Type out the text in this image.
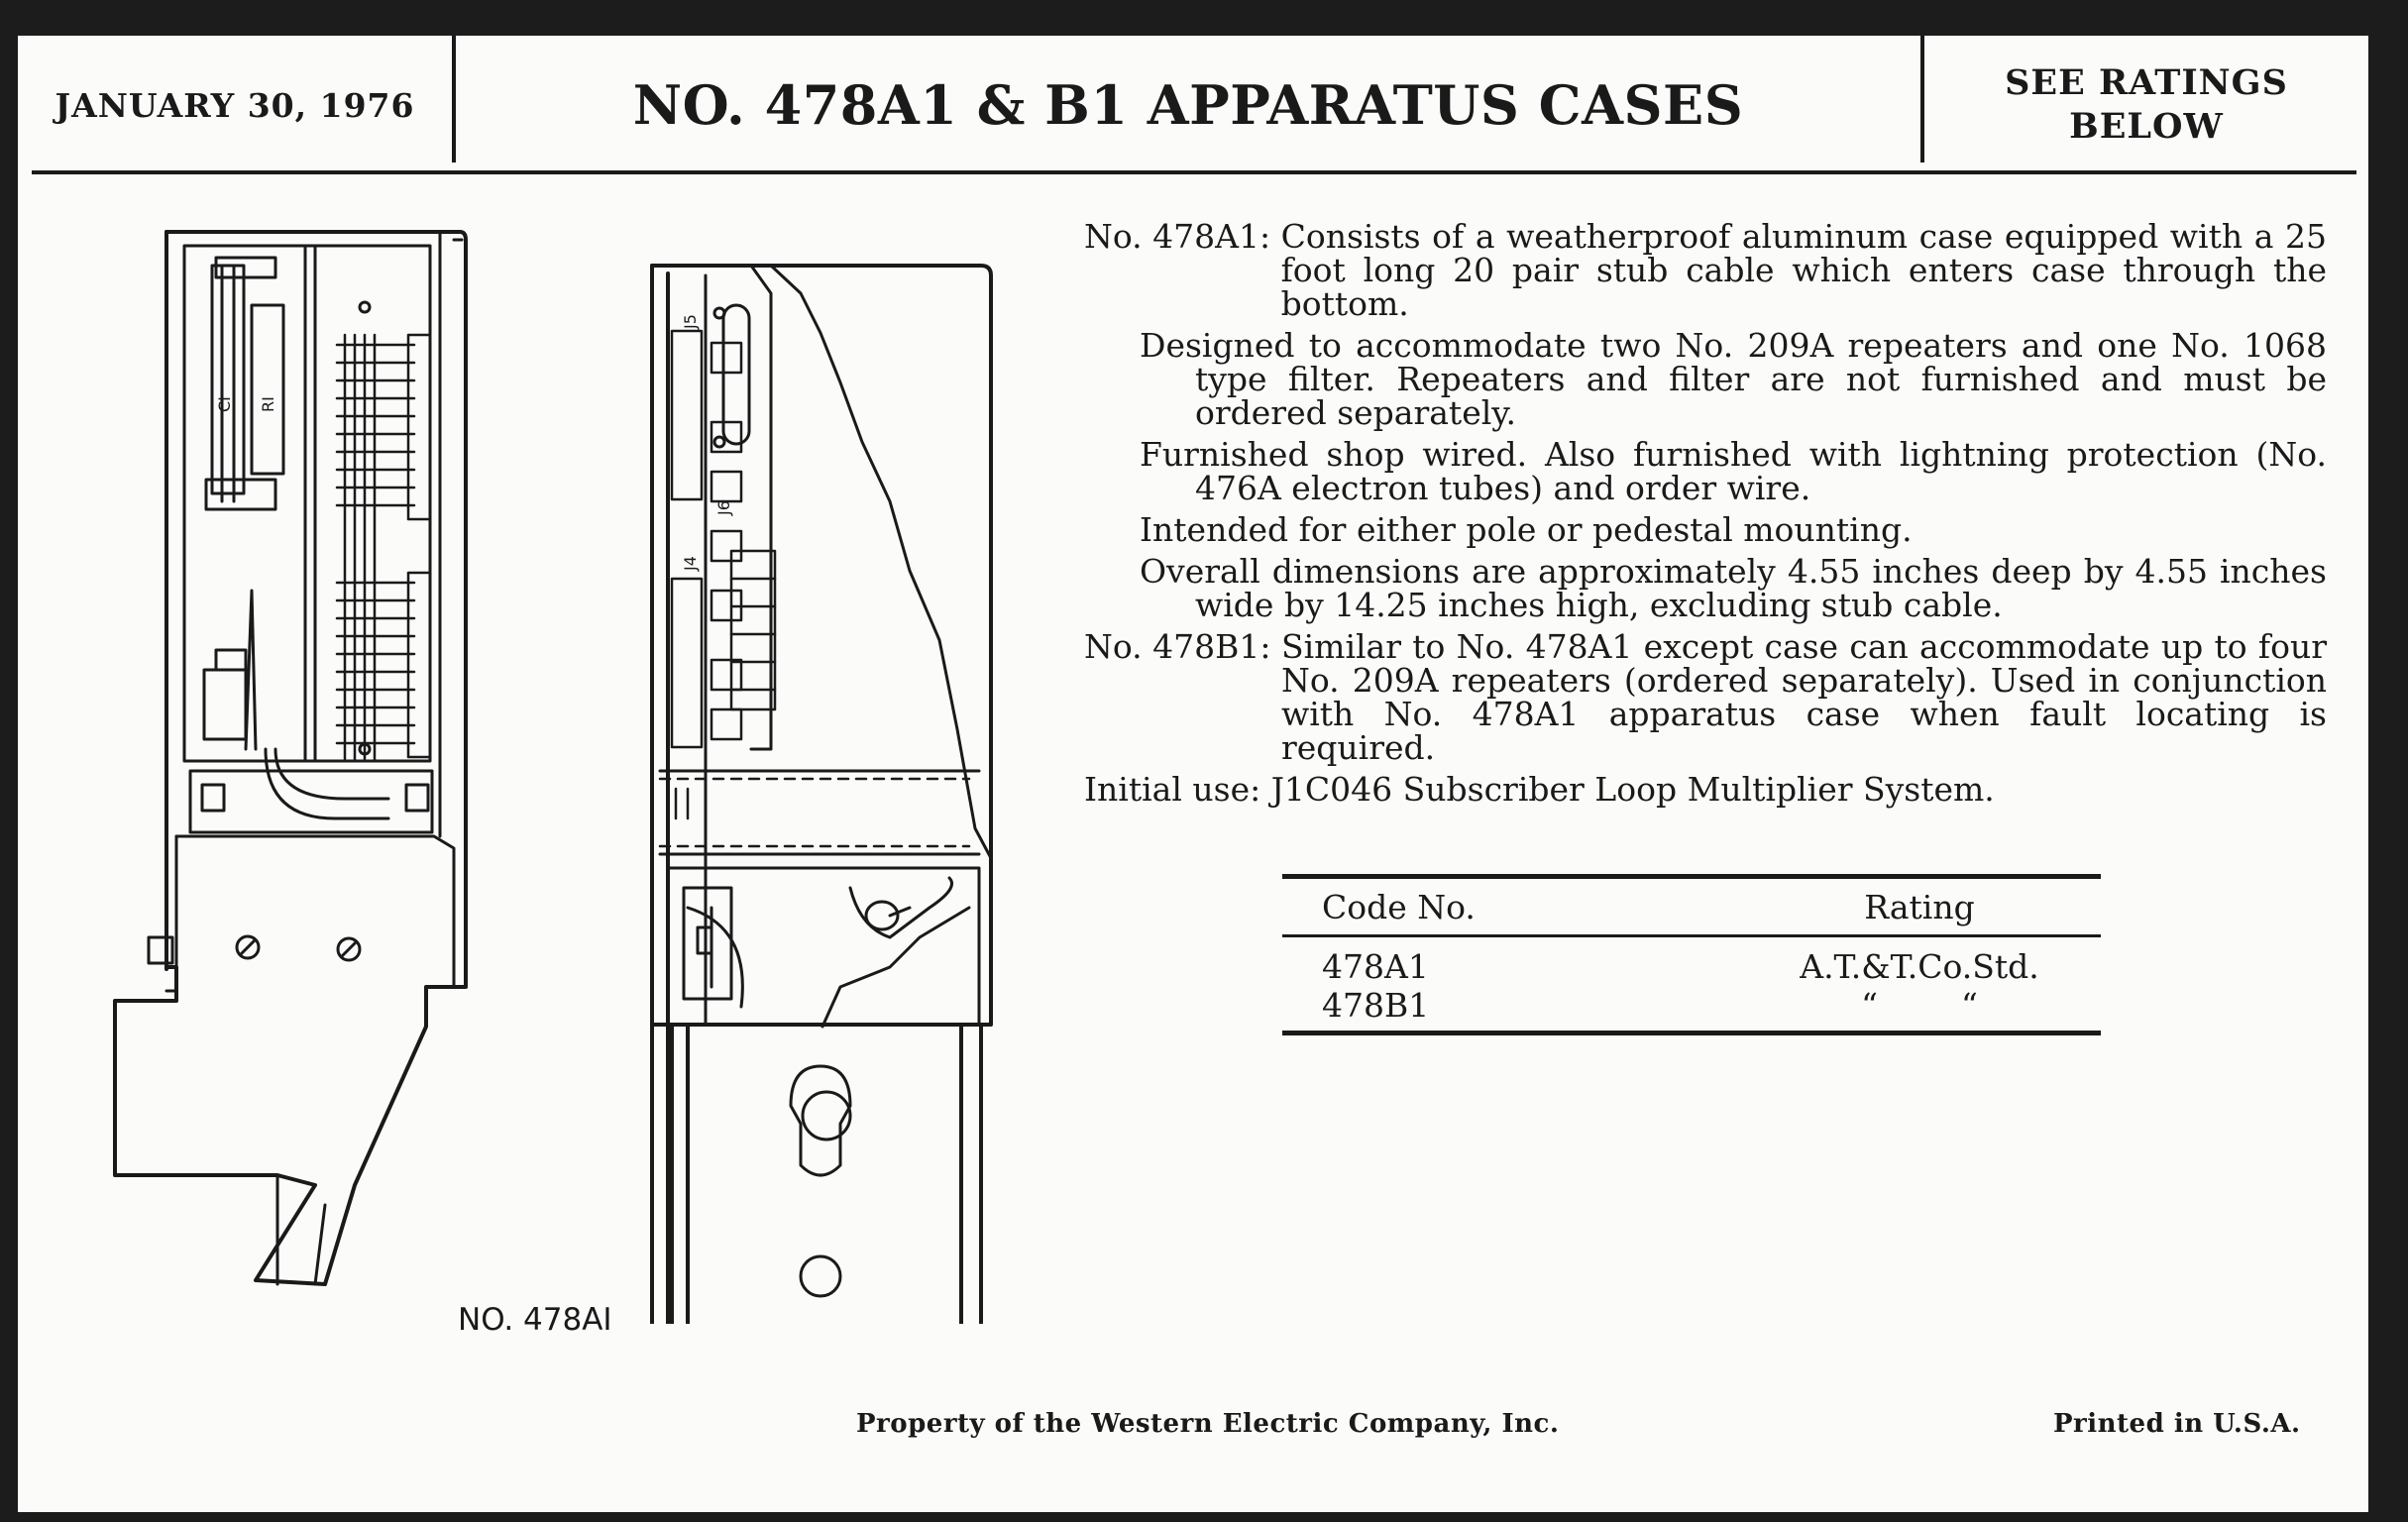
JANUARY 30, 1976	NO. 478A1 & B1 APPARATUS CASES	SEE RATINGS
BELOW
CI RI
J5
J6
J4
NO. 478AI
No. 478A1: Consists of a weatherproof aluminum case equipped with a 25 foot long 20 pair stub cable which enters case through the bottom.
Designed to accommodate two No. 209A repeaters and one No. 1068 type filter. Repeaters and filter are not furnished and must be ordered separately.
Furnished shop wired. Also furnished with lightning protection (No. 476A electron tubes) and order wire.
Intended for either pole or pedestal mounting.
Overall dimensions are approximately 4.55 inches deep by 4.55 inches wide by 14.25 inches high, excluding stub cable.
No. 478B1: Similar to No. 478A1 except case can accommodate up to four No. 209A repeaters (ordered separately). Used in conjunction with No. 478A1 apparatus case when fault locating is required.
Initial use: J1C046 Subscriber Loop Multiplier System.
Code No.	Rating
478A1	A.T.&T.Co.Std.
478B1	“        “
Property of the Western Electric Company, Inc.	Printed in U.S.A.
